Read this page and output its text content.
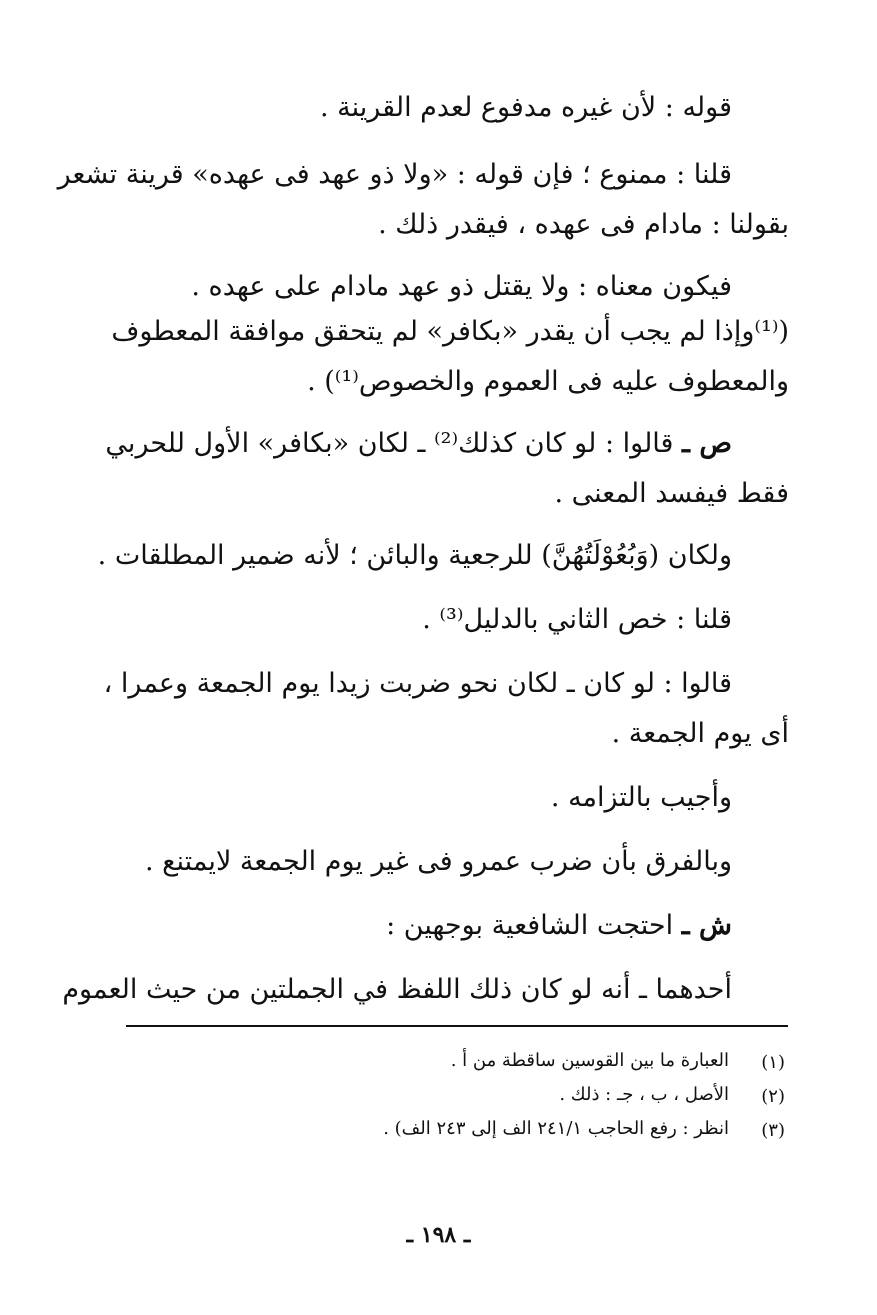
قوله : لأن غيره مدفوع لعدم القرينة .
قلنا : ممنوع ؛ فإن قوله : «ولا ذو عهد فى عهده» قرينة تشعر
بقولنا : مادام فى عهده ، فيقدر ذلك .
فيكون معناه : ولا يقتل ذو عهد مادام على عهده .
(⁽¹⁾وإذا لم يجب أن يقدر «بكافر» لم يتحقق موافقة المعطوف
والمعطوف عليه فى العموم والخصوص⁽¹⁾) .
ص ـ قالوا : لو كان كذلك⁽²⁾ ـ لكان «بكافر» الأول للحربي
فقط فيفسد المعنى .
ولكان (وَبُعُوْلَتُهُنَّ) للرجعية والبائن ؛ لأنه ضمير المطلقات .
قلنا : خص الثاني بالدليل⁽³⁾ .
قالوا : لو كان ـ لكان نحو ضربت زيدا يوم الجمعة وعمرا ،
أى يوم الجمعة .
وأجيب بالتزامه .
وبالفرق بأن ضرب عمرو فى غير يوم الجمعة لايمتنع .
ش ـ احتجت الشافعية بوجهين :
أحدهما ـ أنه لو كان ذلك اللفظ في الجملتين من حيث العموم
(١)
العبارة ما بين القوسين ساقطة من أ .
(٢)
الأصل ، ب ، جـ : ذلك .
(٣)
انظر : رفع الحاجب ٢٤١/١ الف إلى ٢٤٣ الف) .
ـ ١٩٨ ـ
